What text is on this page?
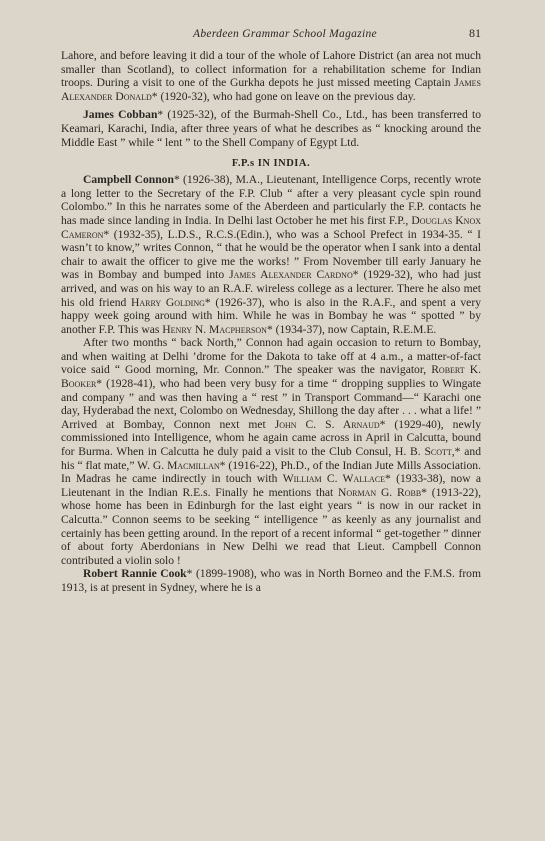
Aberdeen Grammar School Magazine	81

Lahore, and before leaving it did a tour of the whole of Lahore District (an area not much smaller than Scotland), to collect information for a rehabilitation scheme for Indian troops. During a visit to one of the Gurkha depots he just missed meeting Captain James Alexander Donald* (1920-32), who had gone on leave on the previous day.

James Cobban* (1925-32), of the Burmah-Shell Co., Ltd., has been transferred to Keamari, Karachi, India, after three years of what he describes as “ knocking around the Middle East ” while “ lent ” to the Shell Company of Egypt Ltd.

F.P.s IN INDIA.

Campbell Connon* (1926-38), M.A., Lieutenant, Intelligence Corps, recently wrote a long letter to the Secretary of the F.P. Club “ after a very pleasant cycle spin round Colombo.” In this he narrates some of the Aberdeen and particularly the F.P. contacts he has made since landing in India. In Delhi last October he met his first F.P., Douglas Knox Cameron* (1932-35), L.D.S., R.C.S.(Edin.), who was a School Prefect in 1934-35. “ I wasn’t to know,” writes Connon, “ that he would be the operator when I sank into a dental chair to await the officer to give me the works! ” From November till early January he was in Bombay and bumped into James Alexander Cardno* (1929-32), who had just arrived, and was on his way to an R.A.F. wireless college as a lecturer. There he also met his old friend Harry Golding* (1926-37), who is also in the R.A.F., and spent a very happy week going around with him. While he was in Bombay he was “ spotted ” by another F.P. This was Henry N. Macpherson* (1934-37), now Captain, R.E.M.E.

After two months “ back North,” Connon had again occasion to return to Bombay, and when waiting at Delhi ’drome for the Dakota to take off at 4 a.m., a matter-of-fact voice said “ Good morning, Mr. Connon.” The speaker was the navigator, Robert K. Booker* (1928-41), who had been very busy for a time “ dropping supplies to Wingate and company ” and was then having a “ rest ” in Transport Command—“ Karachi one day, Hyderabad the next, Colombo on Wednesday, Shillong the day after . . . what a life! ” Arrived at Bombay, Connon next met John C. S. Arnaud* (1929-40), newly commissioned into Intelligence, whom he again came across in April in Calcutta, bound for Burma. When in Calcutta he duly paid a visit to the Club Consul, H. B. Scott,* and his “ flat mate,” W. G. Macmillan* (1916-22), Ph.D., of the Indian Jute Mills Association. In Madras he came indirectly in touch with William C. Wallace* (1933-38), now a Lieutenant in the Indian R.E.s. Finally he mentions that Norman G. Robb* (1913-22), whose home has been in Edinburgh for the last eight years “ is now in our racket in Calcutta.” Connon seems to be seeking “ intelligence ” as keenly as any journalist and certainly has been getting around. In the report of a recent informal “ get-together ” dinner of about forty Aberdonians in New Delhi we read that Lieut. Campbell Connon contributed a violin solo !

Robert Rannie Cook* (1899-1908), who was in North Borneo and the F.M.S. from 1913, is at present in Sydney, where he is a
